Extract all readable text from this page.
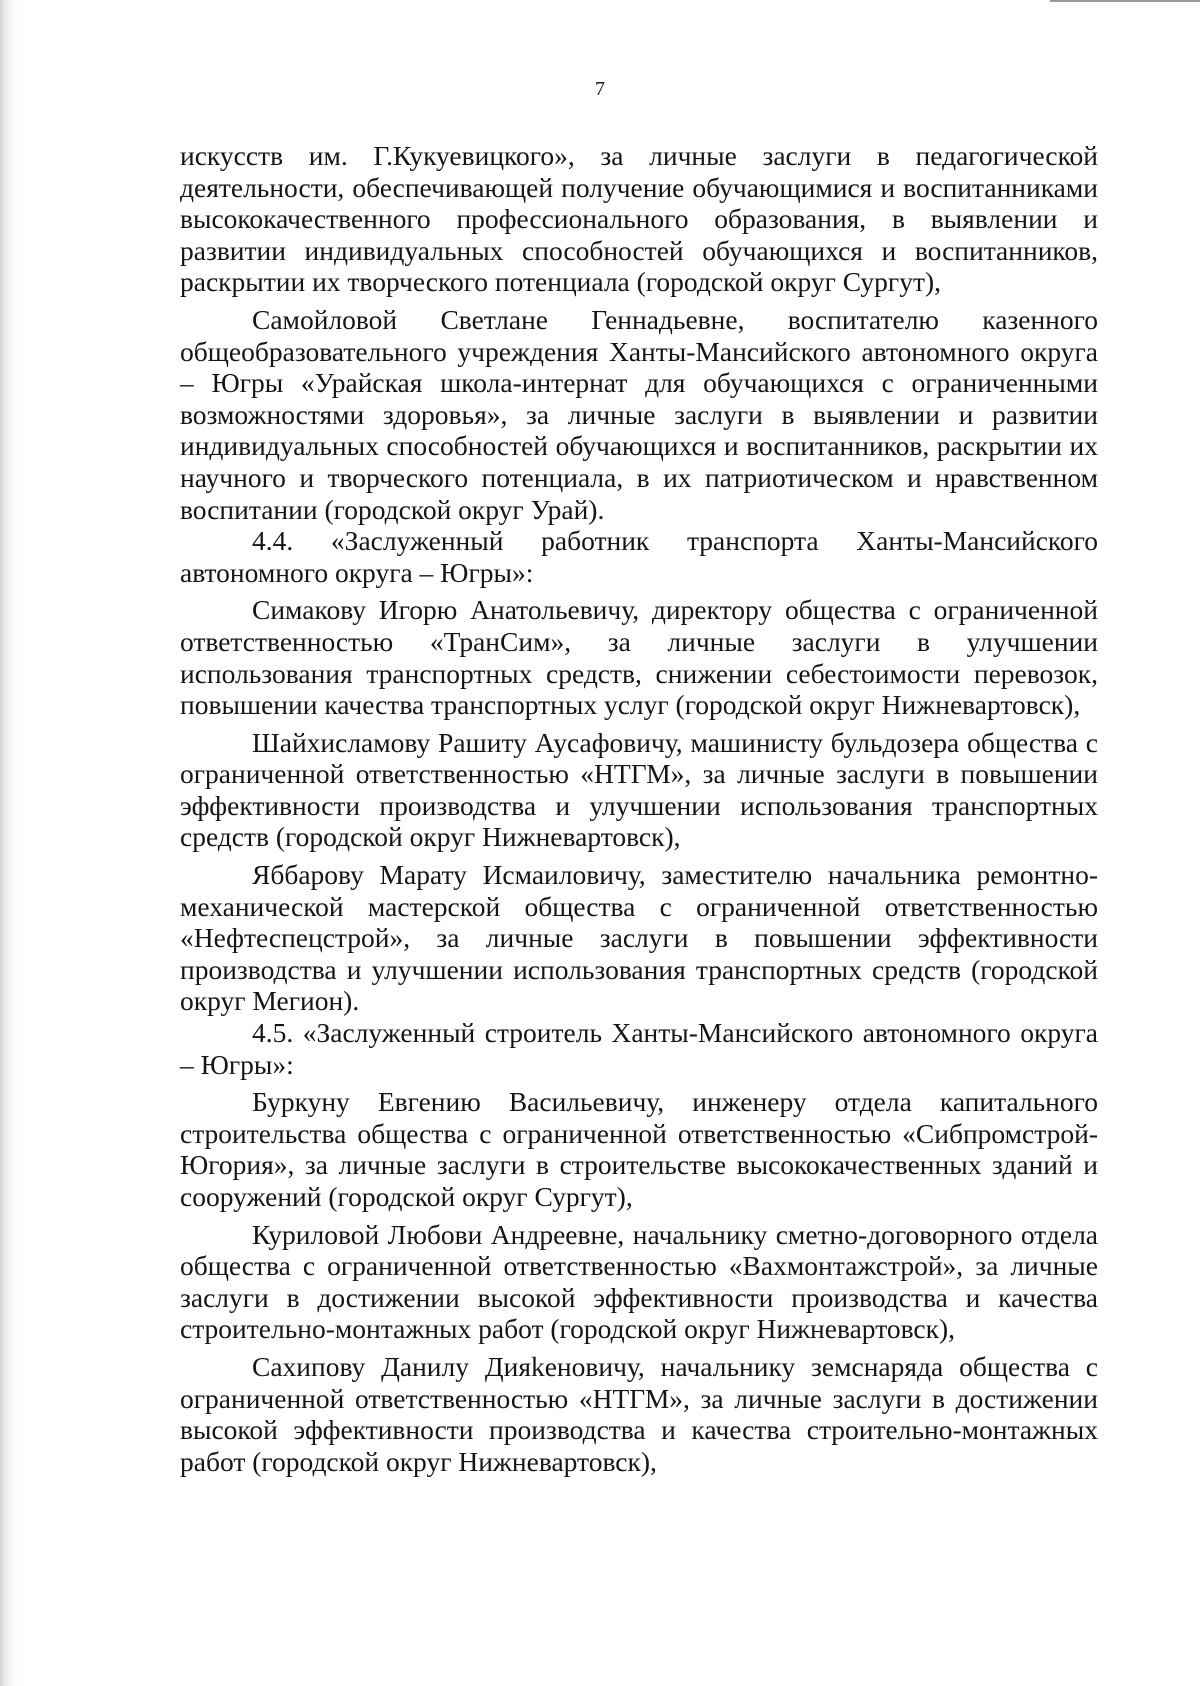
7

искусств им. Г.Кукуевицкого», за личные заслуги в педагогической деятельности, обеспечивающей получение обучающимися и воспитанниками высококачественного профессионального образования, в выявлении и развитии индивидуальных способностей обучающихся и воспитанников, раскрытии их творческого потенциала (городской округ Сургут),

Самойловой Светлане Геннадьевне, воспитателю казенного общеобразовательного учреждения Ханты-Мансийского автономного округа – Югры «Урайская школа-интернат для обучающихся с ограниченными возможностями здоровья», за личные заслуги в выявлении и развитии индивидуальных способностей обучающихся и воспитанников, раскрытии их научного и творческого потенциала, в их патриотическом и нравственном воспитании (городской округ Урай).

4.4. «Заслуженный работник транспорта Ханты-Мансийского автономного округа – Югры»:

Симакову Игорю Анатольевичу, директору общества с ограниченной ответственностью «ТранСим», за личные заслуги в улучшении использования транспортных средств, снижении себестоимости перевозок, повышении качества транспортных услуг (городской округ Нижневартовск),

Шайхисламову Рашиту Аусафовичу, машинисту бульдозера общества с ограниченной ответственностью «НТГМ», за личные заслуги в повышении эффективности производства и улучшении использования транспортных средств (городской округ Нижневартовск),

Яббарову Марату Исмаиловичу, заместителю начальника ремонтно-механической мастерской общества с ограниченной ответственностью «Нефтеспецстрой», за личные заслуги в повышении эффективности производства и улучшении использования транспортных средств (городской округ Мегион).

4.5. «Заслуженный строитель Ханты-Мансийского автономного округа – Югры»:

Буркуну Евгению Васильевичу, инженеру отдела капитального строительства общества с ограниченной ответственностью «Сибпромстрой-Югория», за личные заслуги в строительстве высококачественных зданий и сооружений (городской округ Сургут),

Куриловой Любови Андреевне, начальнику сметно-договорного отдела общества с ограниченной ответственностью «Вахмонтажстрой», за личные заслуги в достижении высокой эффективности производства и качества строительно-монтажных работ (городской округ Нижневартовск),

Сахипову Данилу Дияkеновичу, начальнику земснаряда общества с ограниченной ответственностью «НТГМ», за личные заслуги в достижении высокой эффективности производства и качества строительно-монтажных работ (городской округ Нижневартовск),
